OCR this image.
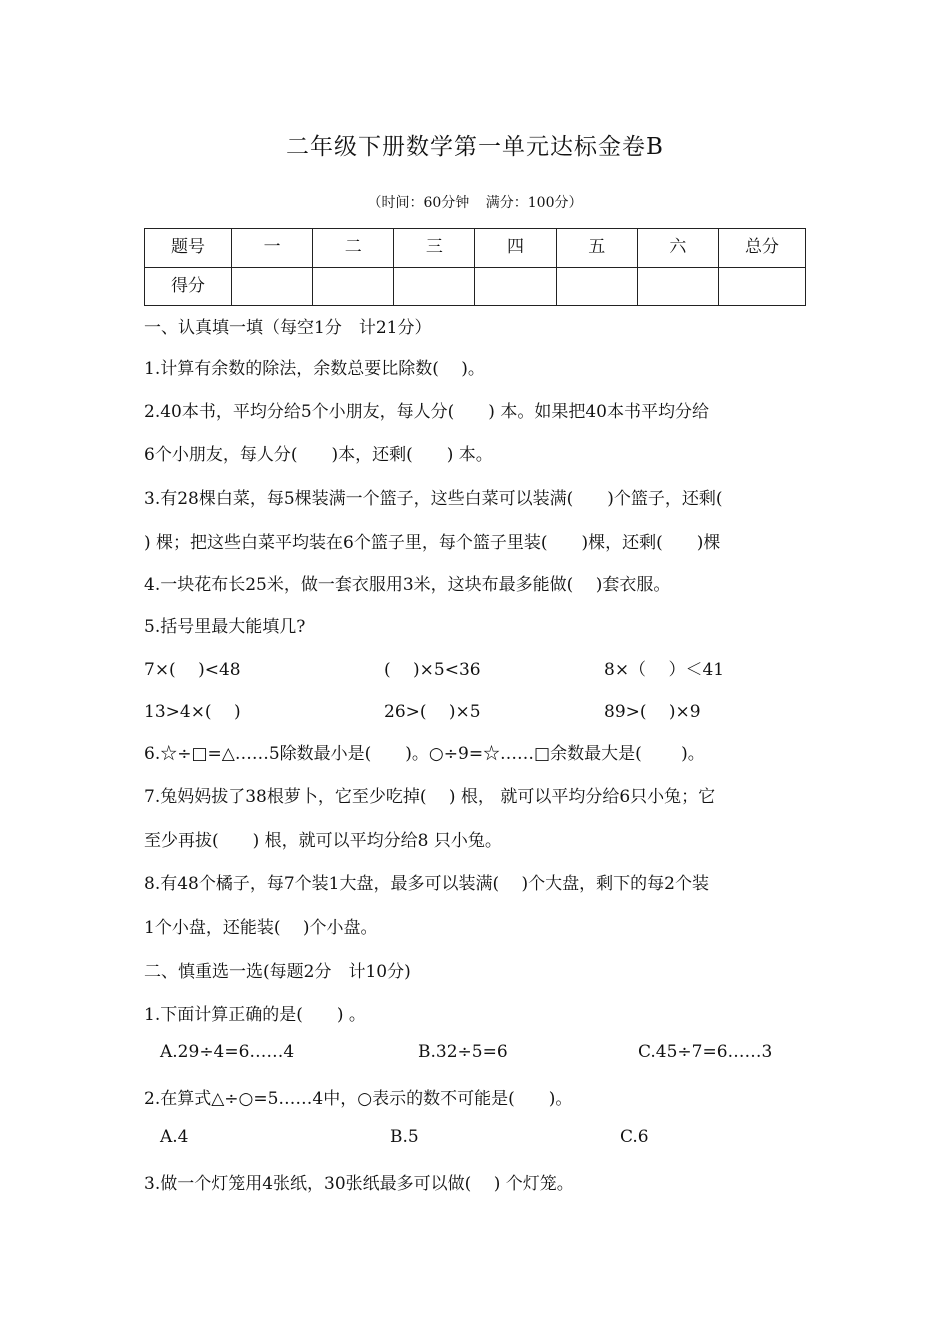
二年级下册数学第一单元达标金卷B
（时间：60分钟 满分：100分）
题号	一	二	三	四	五	六	总分
得分							
一、认真填一填（每空1分　计21分）
1.计算有余数的除法，余数总要比除数(　 )。
2.40本书，平均分给5个小朋友，每人分(　　) 本。如果把40本书平均分给
6个小朋友，每人分(　　)本，还剩(　　) 本。
3.有28棵白菜，每5棵装满一个篮子，这些白菜可以装满(　　)个篮子，还剩(
) 棵；把这些白菜平均装在6个篮子里，每个篮子里装(　　)棵，还剩(　　)棵
4.一块花布长25米，做一套衣服用3米，这块布最多能做(　 )套衣服。
5.括号里最大能填几?
7×(　 )<48	(　 )×5<36	8×（　 ）＜41
13>4×(　 )	26>(　 )×5	89>(　 )×9
6.☆÷□=△……5除数最小是(　　)。○÷9=☆……□余数最大是(　　 )。
7.兔妈妈拔了38根萝卜，它至少吃掉(　 ) 根， 就可以平均分给6只小兔；它
至少再拔(　　) 根，就可以平均分给8 只小兔。
8.有48个橘子，每7个装1大盘，最多可以装满(　 )个大盘，剩下的每2个装
1个小盘，还能装(　 )个小盘。
二、慎重选一选(每题2分　计10分)
1.下面计算正确的是(　　) 。
A.29÷4=6……4	B.32÷5=6	C.45÷7=6……3
2.在算式△÷○=5……4中，○表示的数不可能是(　　)。
A.4	B.5	C.6
3.做一个灯笼用4张纸，30张纸最多可以做(　 ) 个灯笼。
